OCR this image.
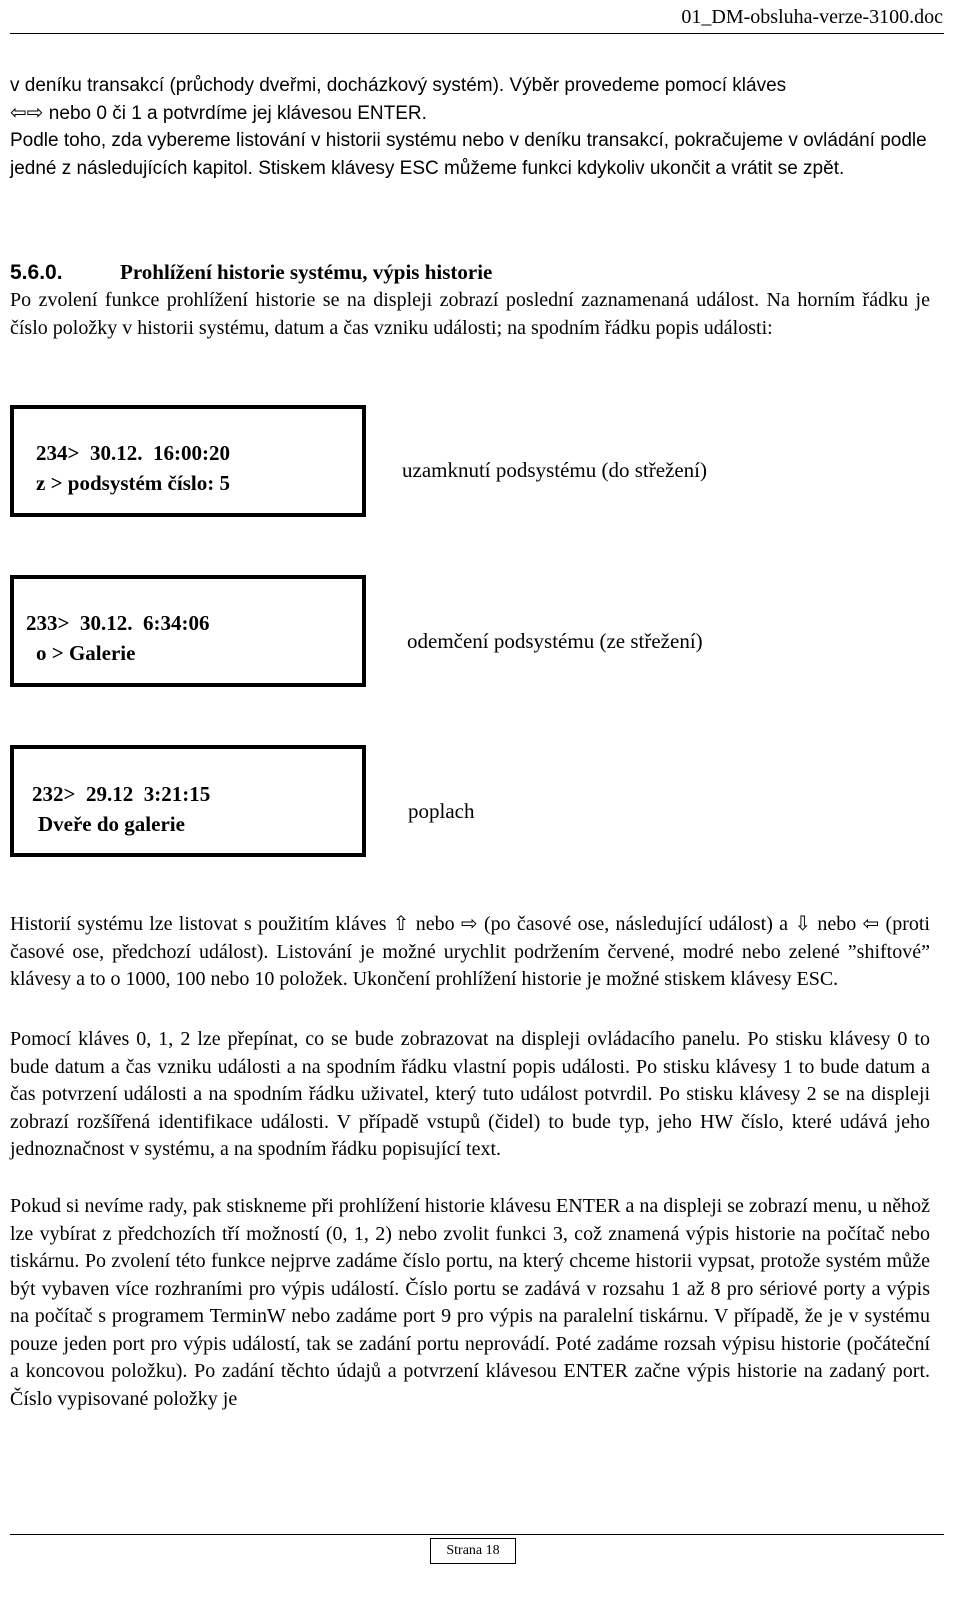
01_DM-obsluha-verze-3100.doc
v deníku transakcí (průchody dveřmi, docházkový systém). Výběr provedeme pomocí kláves
⇦⇨ nebo 0 či 1 a potvrdíme jej klávesou ENTER.
Podle toho, zda vybereme listování v historii systému nebo v deníku transakcí, pokračujeme v ovládání podle jedné z následujících kapitol. Stiskem klávesy ESC můžeme funkci kdykoliv ukončit a vrátit se zpět.
5.6.0.	Prohlížení historie systému, výpis historie
Po zvolení funkce prohlížení historie se na displeji zobrazí poslední zaznamenaná událost. Na horním řádku je číslo položky v historii systému, datum a čas vzniku události; na spodním řádku popis události:
234>  30.12.  16:00:20
z > podsystém číslo: 5
uzamknutí podsystému (do střežení)
233>  30.12.  6:34:06
o > Galerie	odemčení podsystému (ze střežení)
232>  29.12  3:21:15
Dveře do galerie
poplach
Historií systému lze listovat s použitím kláves ⇧ nebo ⇨ (po časové ose, následující událost) a ⇩ nebo ⇦ (proti časové ose, předchozí událost). Listování je možné urychlit podržením červené, modré nebo zelené ”shiftové” klávesy a to o 1000, 100 nebo 10 položek. Ukončení prohlížení historie je možné stiskem klávesy ESC.
Pomocí kláves 0, 1, 2 lze přepínat, co se bude zobrazovat na displeji ovládacího panelu. Po stisku klávesy 0 to bude datum a čas vzniku události a na spodním řádku vlastní popis události. Po stisku klávesy 1 to bude datum a čas potvrzení události a na spodním řádku uživatel, který tuto událost potvrdil. Po stisku klávesy 2 se na displeji zobrazí rozšířená identifikace události. V případě vstupů (čidel) to bude typ, jeho HW číslo, které udává jeho jednoznačnost v systému, a na spodním řádku popisující text.
Pokud si nevíme rady, pak stiskneme při prohlížení historie klávesu ENTER a na displeji se zobrazí menu, u něhož lze vybírat z předchozích tří možností (0, 1, 2) nebo zvolit funkci 3, což znamená výpis historie na počítač nebo tiskárnu. Po zvolení této funkce nejprve zadáme číslo portu, na který chceme historii vypsat, protože systém může být vybaven více rozhraními pro výpis událostí. Číslo portu se zadává v rozsahu 1 až 8 pro sériové porty a výpis na počítač s programem TerminW nebo zadáme port 9 pro výpis na paralelní tiskárnu. V případě, že je v systému pouze jeden port pro výpis událostí, tak se zadání portu neprovádí. Poté zadáme rozsah výpisu historie (počáteční a koncovou položku). Po zadání těchto údajů a potvrzení klávesou ENTER začne výpis historie na zadaný port. Číslo vypisované položky je
Strana 18
